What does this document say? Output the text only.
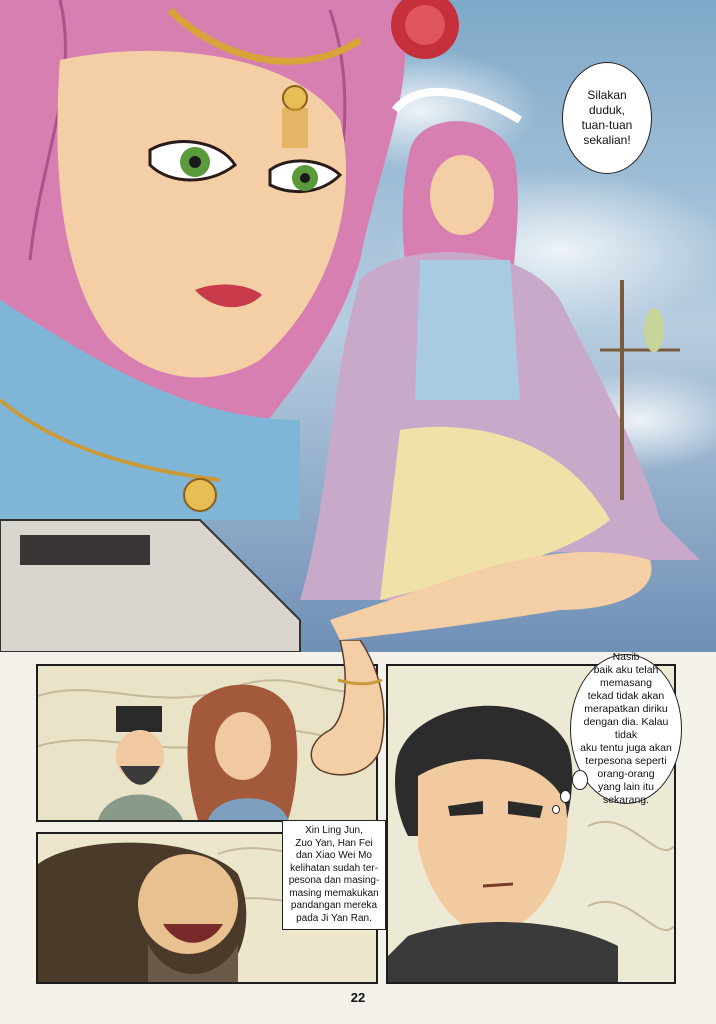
Silakan
duduk,
tuan-tuan
sekalian!
Nasib
baik aku telah
memasang
tekad tidak akan
merapatkan diriku
dengan dia. Kalau tidak
aku tentu juga akan
terpesona seperti
orang-orang
yang lain itu
sekarang.
Xin Ling Jun,
Zuo Yan, Han Fei
dan Xiao Wei Mo
kelihatan sudah ter-
pesona dan masing-
masing memakukan
pandangan mereka
pada Ji Yan Ran.
22
